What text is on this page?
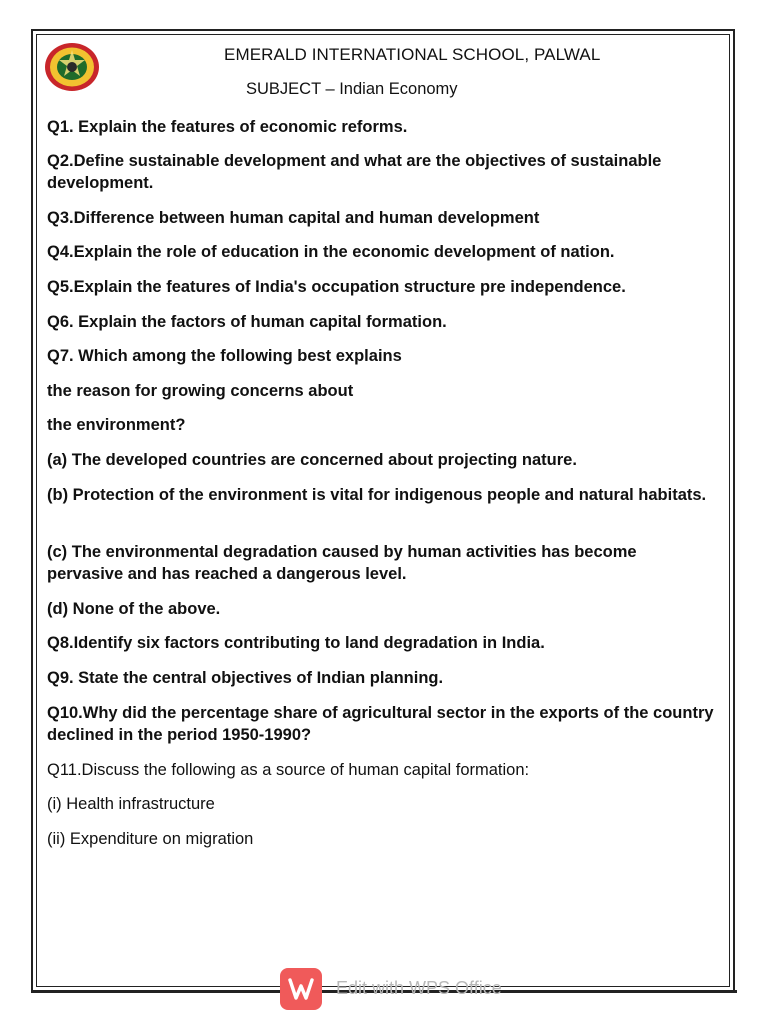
EMERALD INTERNATIONAL SCHOOL, PALWAL
SUBJECT – Indian Economy
Q1. Explain the features of economic reforms.
Q2.Define sustainable development and what are the objectives of sustainable development.
Q3.Difference between human capital and human development
Q4.Explain the role of education in the economic development of nation.
Q5.Explain the features of India's occupation structure pre independence.
Q6. Explain the factors of human capital formation.
Q7. Which among the following best explains
the reason for growing concerns about
the environment?
(a) The developed countries are concerned about projecting nature.
(b) Protection of the environment is vital for indigenous people and natural habitats.
(c) The environmental degradation caused by human activities has become pervasive and has reached a dangerous level.
(d) None of the above.
Q8.Identify six factors contributing to land degradation in India.
Q9. State the central objectives of Indian planning.
Q10.Why did the percentage share of agricultural sector in the exports of the country declined in the period 1950-1990?
Q11.Discuss the following as a source of human capital formation:
(i) Health infrastructure
(ii) Expenditure on migration
Edit with WPS Office
